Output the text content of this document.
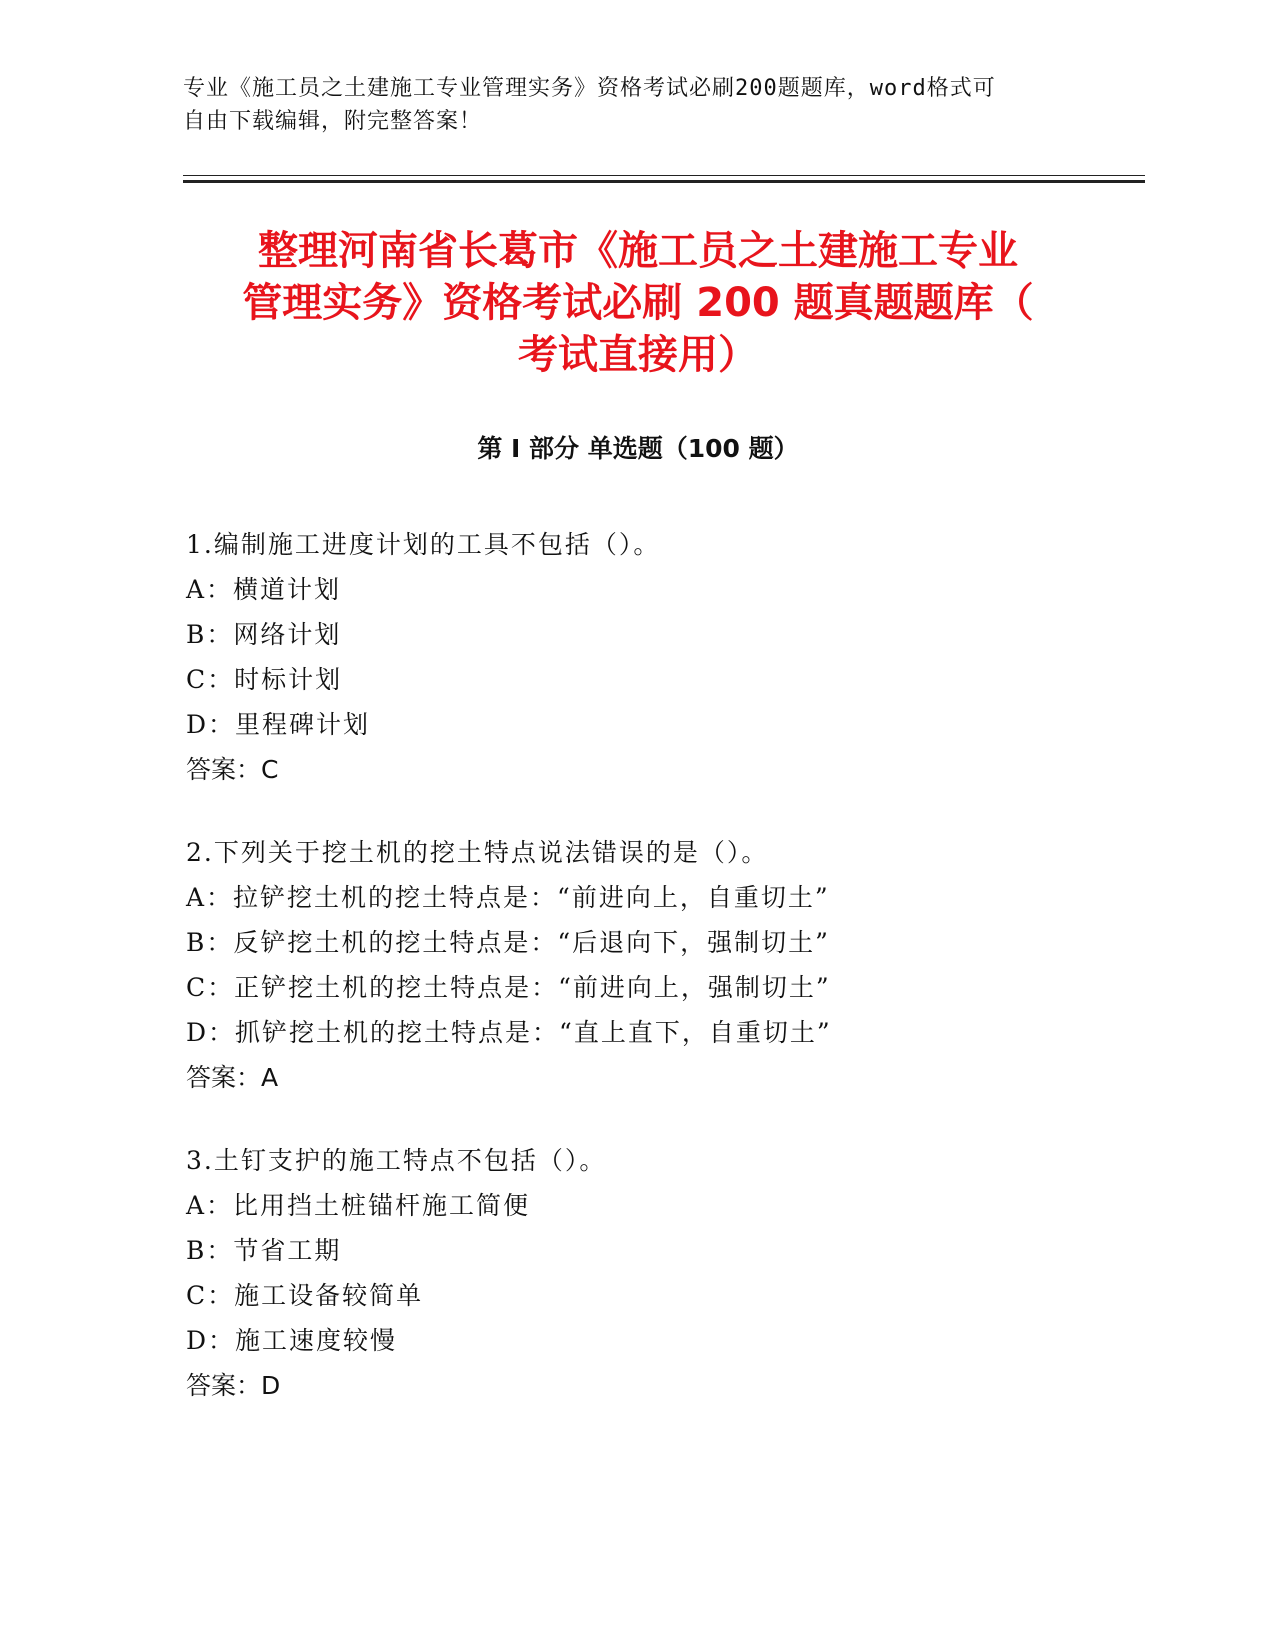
专业《施工员之土建施工专业管理实务》资格考试必刷200题题库，word格式可
自由下载编辑，附完整答案！
整理河南省长葛市《施工员之土建施工专业
管理实务》资格考试必刷 200 题真题题库（
考试直接用）
第 I 部分 单选题（100 题）
1.编制施工进度计划的工具不包括（）。
A：横道计划
B：网络计划
C：时标计划
D：里程碑计划
答案：C
2.下列关于挖土机的挖土特点说法错误的是（）。
A：拉铲挖土机的挖土特点是：“前进向上，自重切土”
B：反铲挖土机的挖土特点是：“后退向下，强制切土”
C：正铲挖土机的挖土特点是：“前进向上，强制切土”
D：抓铲挖土机的挖土特点是：“直上直下，自重切土”
答案：A
3.土钉支护的施工特点不包括（）。
A：比用挡土桩锚杆施工简便
B：节省工期
C：施工设备较简单
D：施工速度较慢
答案：D
